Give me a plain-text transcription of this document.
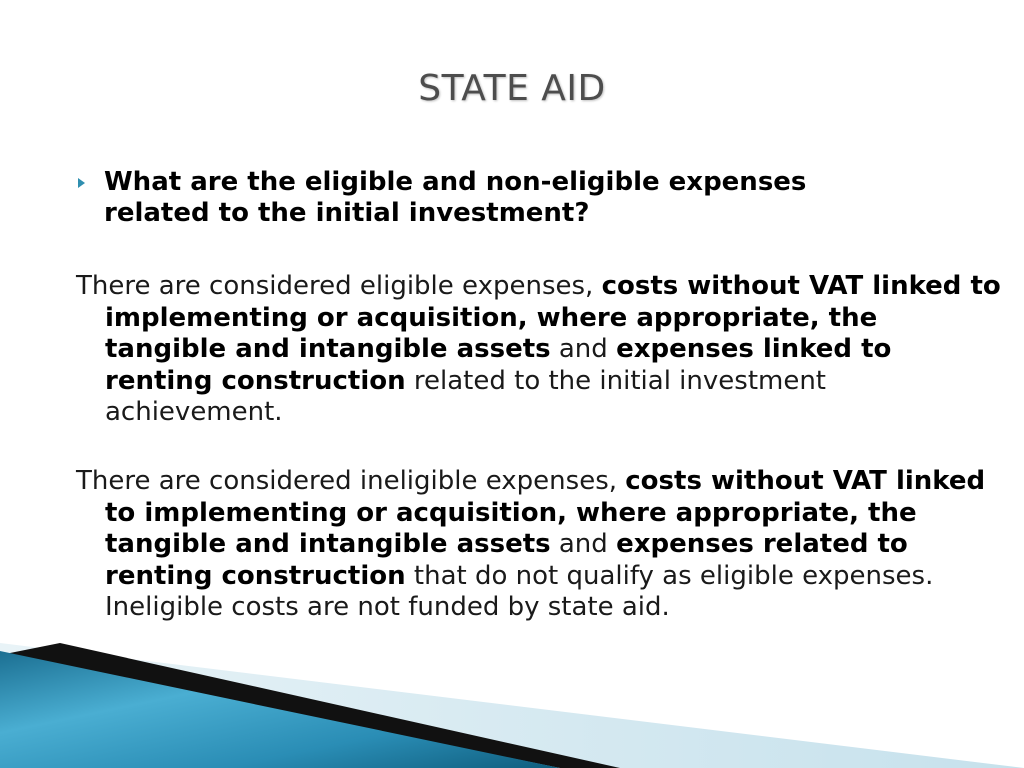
STATE AID
What are the eligible and non-eligible expenses related to the initial investment?
There are considered eligible expenses, costs without VAT linked to implementing or acquisition, where appropriate, the tangible and intangible assets and expenses linked to renting construction related to the initial investment achievement.
There are considered ineligible expenses, costs without VAT linked to implementing or acquisition, where appropriate, the tangible and intangible assets and expenses related to renting construction that do not qualify as eligible expenses. Ineligible costs are not funded by state aid.
